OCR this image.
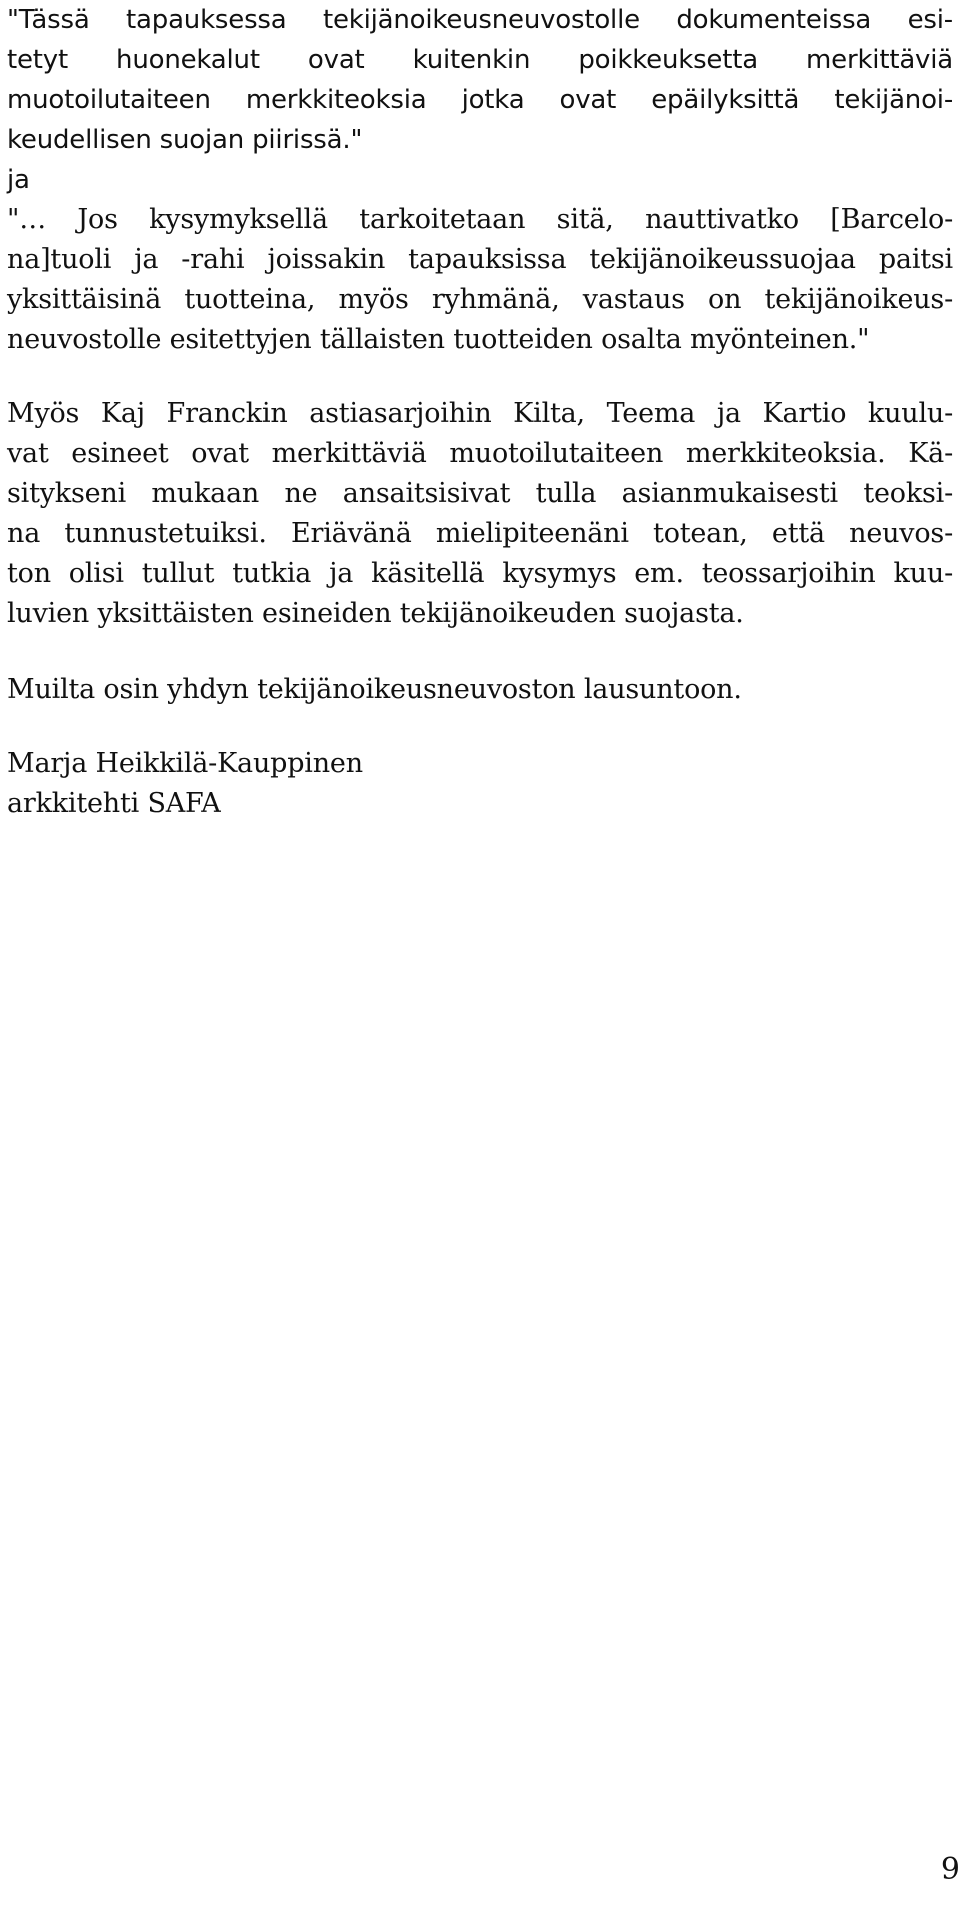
"Tässä tapauksessa tekijänoikeusneuvostolle dokumenteissa esi-
tetyt huonekalut ovat kuitenkin poikkeuksetta merkittäviä
muotoilutaiteen merkkiteoksia jotka ovat epäilyksittä tekijänoi-
keudellisen suojan piirissä."
ja
"… Jos kysymyksellä tarkoitetaan sitä, nauttivatko [Barcelo-
na]tuoli ja -rahi joissakin tapauksissa tekijänoikeussuojaa paitsi
yksittäisinä tuotteina, myös ryhmänä, vastaus on tekijänoikeus-
neuvostolle esitettyjen tällaisten tuotteiden osalta myönteinen."
Myös Kaj Franckin astiasarjoihin Kilta, Teema ja Kartio kuulu-
vat esineet ovat merkittäviä muotoilutaiteen merkkiteoksia. Kä-
sitykseni mukaan ne ansaitsisivat tulla asianmukaisesti teoksi-
na tunnustetuiksi. Eriävänä mielipiteenäni totean, että neuvos-
ton olisi tullut tutkia ja käsitellä kysymys em. teossarjoihin kuu-
luvien yksittäisten esineiden tekijänoikeuden suojasta.
Muilta osin yhdyn tekijänoikeusneuvoston lausuntoon.
Marja Heikkilä-Kauppinen
arkkitehti SAFA
9
